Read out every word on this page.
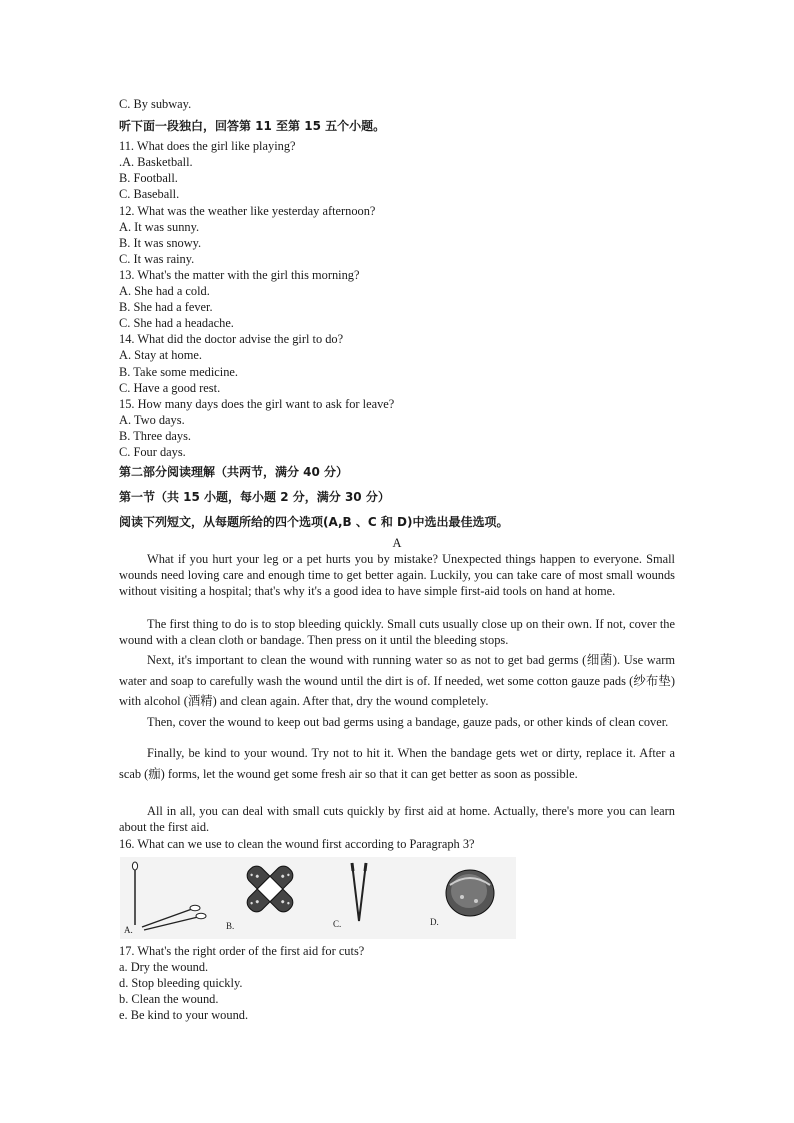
C. By subway.
听下面一段独白，回答第 11 至第 15 五个小题。
11. What does the girl like playing?
.A. Basketball.
B. Football.
C. Baseball.
12. What was the weather like yesterday afternoon?
A. It was sunny.
B. It was snowy.
C. It was rainy.
13. What's the matter with the girl this morning?
A. She had a cold.
B. She had a fever.
C. She had a headache.
14. What did the doctor advise the girl to do?
A. Stay at home.
B. Take some medicine.
C. Have a good rest.
15. How many days does the girl want to ask for leave?
A. Two days.
B. Three days.
C. Four days.
第二部分阅读理解（共两节，满分 40 分）
第一节（共 15 小题，每小题 2 分，满分 30 分）
阅读下列短文，从每题所给的四个选项(A,B 、C 和 D)中选出最佳选项。
A
What if you hurt your leg or a pet hurts you by mistake? Unexpected things happen to everyone. Small wounds need loving care and enough time to get better again. Luckily, you can take care of most small wounds without visiting a hospital; that's why it's a good idea to have simple first-aid tools on hand at home.
The first thing to do is to stop bleeding quickly. Small cuts usually close up on their own. If not, cover the wound with a clean cloth or bandage. Then press on it until the bleeding stops.
Next, it's important to clean the wound with running water so as not to get bad germs (细菌). Use warm water and soap to carefully wash the wound until the dirt is of. If needed, wet some cotton gauze pads (纱布垫) with alcohol (酒精) and clean again. After that, dry the wound completely.
Then, cover the wound to keep out bad germs using a bandage, gauze pads, or other kinds of clean cover.
Finally, be kind to your wound. Try not to hit it. When the bandage gets wet or dirty, replace it. After a scab (痂) forms, let the wound get some fresh air so that it can get better as soon as possible.
All in all, you can deal with small cuts quickly by first aid at home. Actually, there's more you can learn about the first aid.
16. What can we use to clean the wound first according to Paragraph 3?
A.	B.	C.	D.
17. What's the right order of the first aid for cuts?
a. Dry the wound.
d. Stop bleeding quickly.
b. Clean the wound.
e. Be kind to your wound.
